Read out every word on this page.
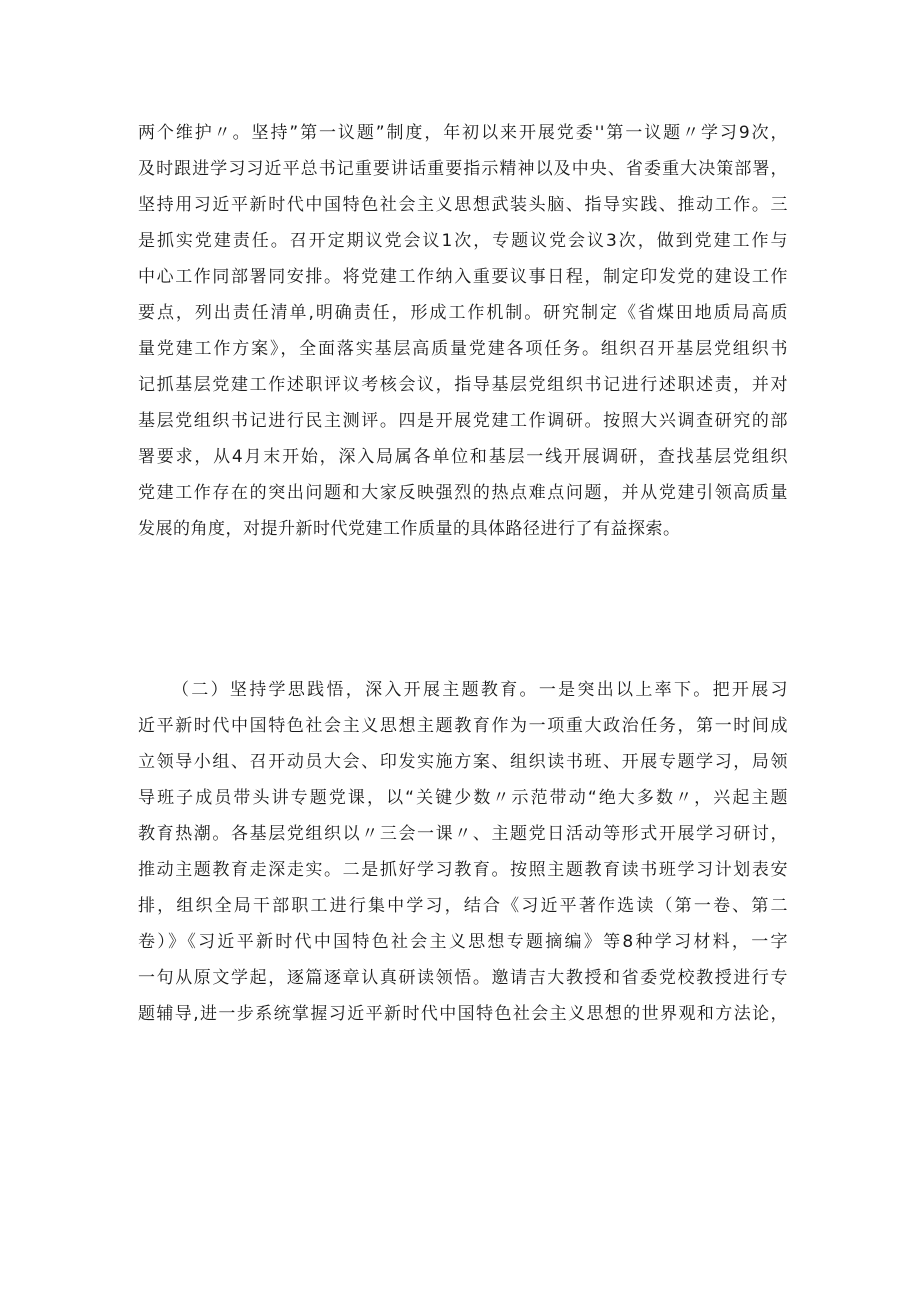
两个维护〃。坚持”第一议题”制度，年初以来开展党委''第一议题〃学习9次，
及时跟进学习习近平总书记重要讲话重要指示精神以及中央、省委重大决策部署，
坚持用习近平新时代中国特色社会主义思想武装头脑、指导实践、推动工作。三
是抓实党建责任。召开定期议党会议1次，专题议党会议3次，做到党建工作与
中心工作同部署同安排。将党建工作纳入重要议事日程，制定印发党的建设工作
要点，列出责任清单,明确责任，形成工作机制。研究制定《省煤田地质局高质
量党建工作方案》，全面落实基层高质量党建各项任务。组织召开基层党组织书
记抓基层党建工作述职评议考核会议，指导基层党组织书记进行述职述责，并对
基层党组织书记进行民主测评。四是开展党建工作调研。按照大兴调查研究的部
署要求，从4月末开始，深入局属各单位和基层一线开展调研，查找基层党组织
党建工作存在的突出问题和大家反映强烈的热点难点问题，并从党建引领高质量
发展的角度，对提升新时代党建工作质量的具体路径进行了有益探索。
（二）坚持学思践悟，深入开展主题教育。一是突出以上率下。把开展习
近平新时代中国特色社会主义思想主题教育作为一项重大政治任务，第一时间成
立领导小组、召开动员大会、印发实施方案、组织读书班、开展专题学习，局领
导班子成员带头讲专题党课，以“关键少数〃示范带动“绝大多数〃，兴起主题
教育热潮。各基层党组织以〃三会一课〃、主题党日活动等形式开展学习研讨，
推动主题教育走深走实。二是抓好学习教育。按照主题教育读书班学习计划表安
排，组织全局干部职工进行集中学习，结合《习近平著作选读（第一卷、第二
卷）》《习近平新时代中国特色社会主义思想专题摘编》等8种学习材料，一字
一句从原文学起，逐篇逐章认真研读领悟。邀请吉大教授和省委党校教授进行专
题辅导,进一步系统掌握习近平新时代中国特色社会主义思想的世界观和方法论，
